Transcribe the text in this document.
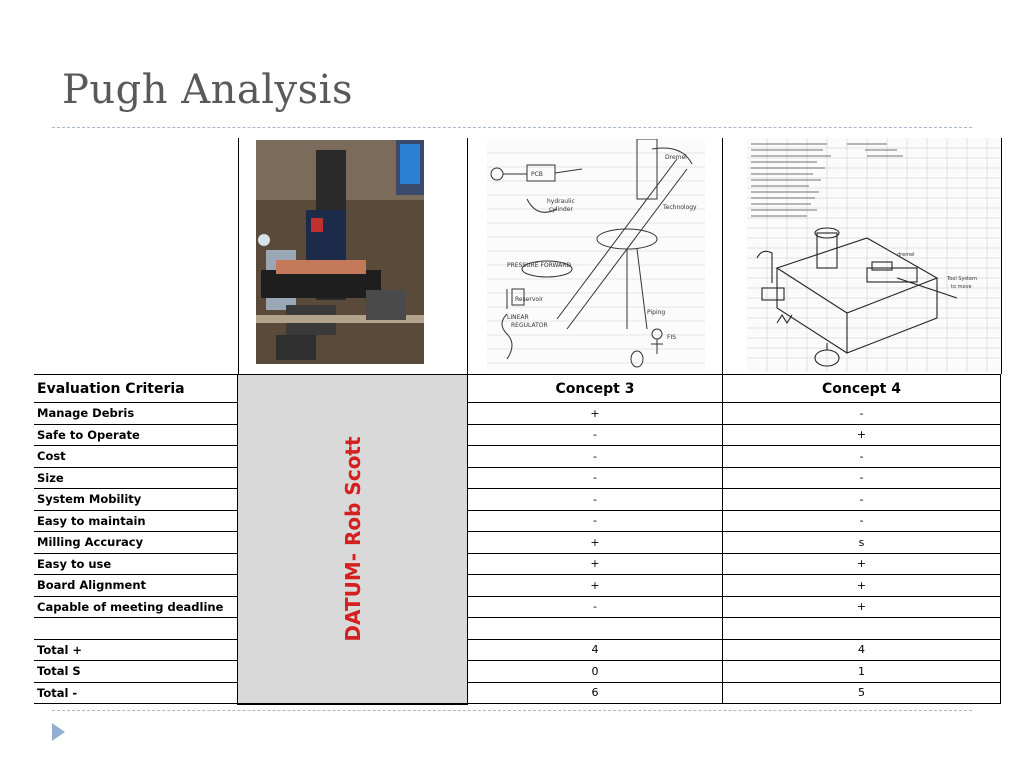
Pugh Analysis
PCB
hydraulic
cylinder
Dremel
Technology
PRESSURE FORWARD
Reservoir
LINEAR
REGULATOR
Piping
FIS
Tool System
to move
dremel
Evaluation Criteria	DATUM- Rob Scott	Concept 3	Concept 4
Manage Debris		+	-
Safe to Operate		-	+
Cost		-	-
Size		-	-
System Mobility		-	-
Easy to maintain		-	-
Milling Accuracy		+	s
Easy to use		+	+
Board Alignment		+	+
Capable of meeting deadline		-	+

Total +		4	4
Total S		0	1
Total -		6	5
